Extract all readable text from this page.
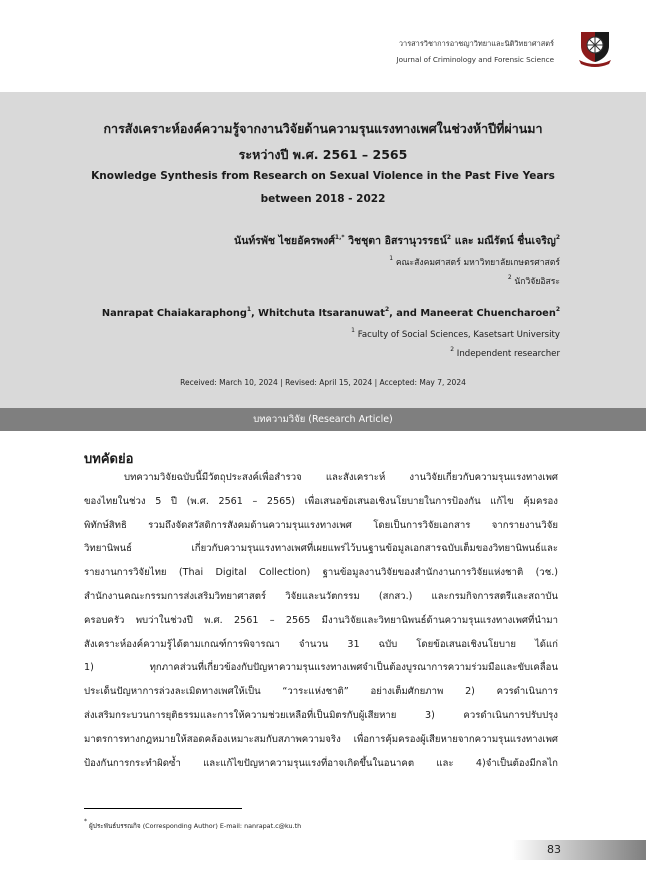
วารสารวิชาการอาชญาวิทยาและนิติวิทยาศาสตร์
Journal of Criminology and Forensic Science
การสังเคราะห์องค์ความรู้จากงานวิจัยด้านความรุนแรงทางเพศในช่วงห้าปีที่ผ่านมา
ระหว่างปี พ.ศ. 2561 – 2565
Knowledge Synthesis from Research on Sexual Violence in the Past Five Years
between 2018 - 2022
นันท์รพัช ไชยอัครพงศ์$^{1,*}$ วิชชุตา อิสรานุวรรธน์$^2$ และ มณีรัตน์ ชื่นเจริญ$^2$
$^1$ คณะสังคมศาสตร์ มหาวิทยาลัยเกษตรศาสตร์
$^2$ นักวิจัยอิสระ
Nanrapat Chaiakaraphong$^1$, Whitchuta Itsaranuwat$^2$, and Maneerat Chuencharoen$^2$
$^1$ Faculty of Social Sciences, Kasetsart University
$^2$ Independent researcher
Received: March 10, 2024 | Revised: April 15, 2024 | Accepted: May 7, 2024
บทความวิจัย (Research Article)
บทคัดย่อ
บทความวิจัยฉบับนี้มีวัตถุประสงค์เพื่อสำรวจ และสังเคราะห์ งานวิจัยเกี่ยวกับความรุนแรงทางเพศ
ของไทยในช่วง 5 ปี (พ.ศ. 2561 – 2565) เพื่อเสนอข้อเสนอเชิงนโยบายในการป้องกัน แก้ไข คุ้มครอง
พิทักษ์สิทธิ รวมถึงจัดสวัสดิการสังคมด้านความรุนแรงทางเพศ โดยเป็นการวิจัยเอกสาร จากรายงานวิจัย
วิทยานิพนธ์ เกี่ยวกับความรุนแรงทางเพศที่เผยแพร่ไว้บนฐานข้อมูลเอกสารฉบับเต็มของวิทยานิพนธ์และ
รายงานการวิจัยไทย (Thai Digital Collection) ฐานข้อมูลงานวิจัยของสำนักงานการวิจัยแห่งชาติ (วช.)
สำนักงานคณะกรรมการส่งเสริมวิทยาศาสตร์ วิจัยและนวัตกรรม (สกสว.) และกรมกิจการสตรีและสถาบัน
ครอบครัว พบว่าในช่วงปี พ.ศ. 2561 – 2565 มีงานวิจัยและวิทยานิพนธ์ด้านความรุนแรงทางเพศที่นำมา
สังเคราะห์องค์ความรู้ได้ตามเกณฑ์การพิจารณา จำนวน 31 ฉบับ โดยข้อเสนอเชิงนโยบาย ได้แก่
1) ทุกภาคส่วนที่เกี่ยวข้องกับปัญหาความรุนแรงทางเพศจำเป็นต้องบูรณาการความร่วมมือและขับเคลื่อน
ประเด็นปัญหาการล่วงละเมิดทางเพศให้เป็น “วาระแห่งชาติ” อย่างเต็มศักยภาพ 2) ควรดำเนินการ
ส่งเสริมกระบวนการยุติธรรมและการให้ความช่วยเหลือที่เป็นมิตรกับผู้เสียหาย 3) ควรดำเนินการปรับปรุง
มาตรการทางกฎหมายให้สอดคล้องเหมาะสมกับสภาพความจริง เพื่อการคุ้มครองผู้เสียหายจากความรุนแรงทางเพศ
ป้องกันการกระทำผิดซ้ำ และแก้ไขปัญหาความรุนแรงที่อาจเกิดขึ้นในอนาคต และ 4)จำเป็นต้องมีกลไก
* ผู้ประพันธ์บรรณกิจ (Corresponding Author) E-mail: nanrapat.c@ku.th
83
